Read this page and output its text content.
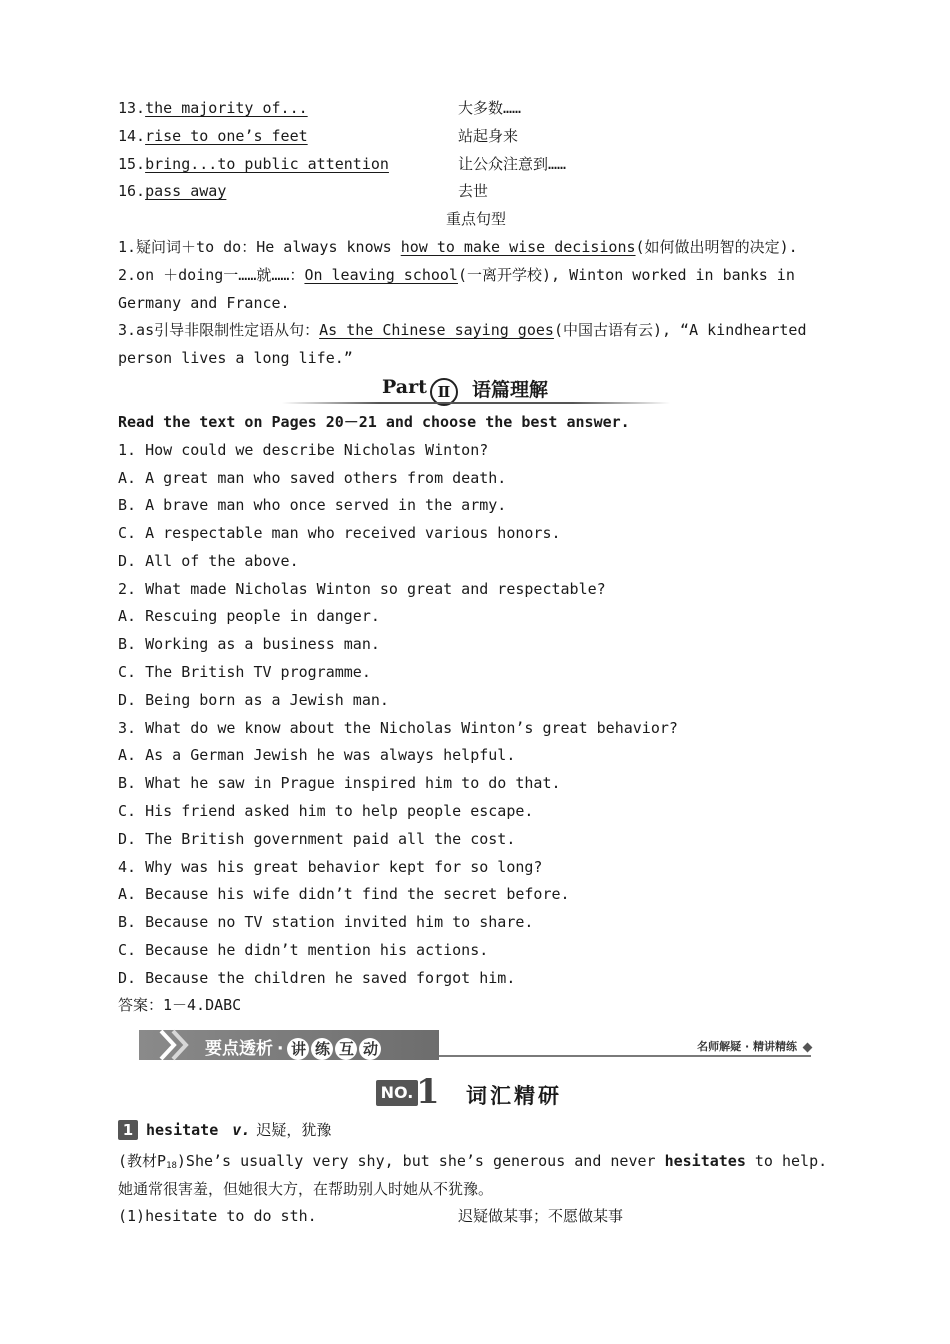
13.the majority of...	大多数……
14.rise to one’s feet	站起身来
15.bring...to public attention	让公众注意到……
16.pass away	去世
重点句型
1.疑问词＋to do：He always knows how to make wise decisions(如何做出明智的决定).
2.on ＋doing一……就……：On leaving school(一离开学校), Winton worked in banks in
Germany and France.
3.as引导非限制性定语从句：As the Chinese saying goes(中国古语有云), “A kindhearted
person lives a long life.”
Read the text on Pages 20－21 and choose the best answer.
1. How could we describe Nicholas Winton?
A. A great man who saved others from death.
B. A brave man who once served in the army.
C. A respectable man who received various honors.
D. All of the above.
2. What made Nicholas Winton so great and respectable?
A. Rescuing people in danger.
B. Working as a business man.
C. The British TV programme.
D. Being born as a Jewish man.
3. What do we know about the Nicholas Winton’s great behavior?
A. As a German Jewish he was always helpful.
B. What he saw in Prague inspired him to do that.
C. His friend asked him to help people escape.
D. The British government paid all the cost.
4. Why was his great behavior kept for so long?
A. Because his wife didn’t find the secret before.
B. Because no TV station invited him to share.
C. Because he didn’t mention his actions.
D. Because the children he saved forgot him.
答案：1－4.DABC
1 hesitate v. 迟疑，犹豫
(教材$P_{18})She’s$ usually very shy, but she’s generous and never hesitates to help.
她通常很害羞，但她很大方，在帮助别人时她从不犹豫。
(1)hesitate to do sth.	迟疑做某事；不愿做某事
Part Ⅱ	语篇理解
要点透析 · 讲 练 互 动	名师解疑 · 精讲精练
NO. 1 词汇精研
